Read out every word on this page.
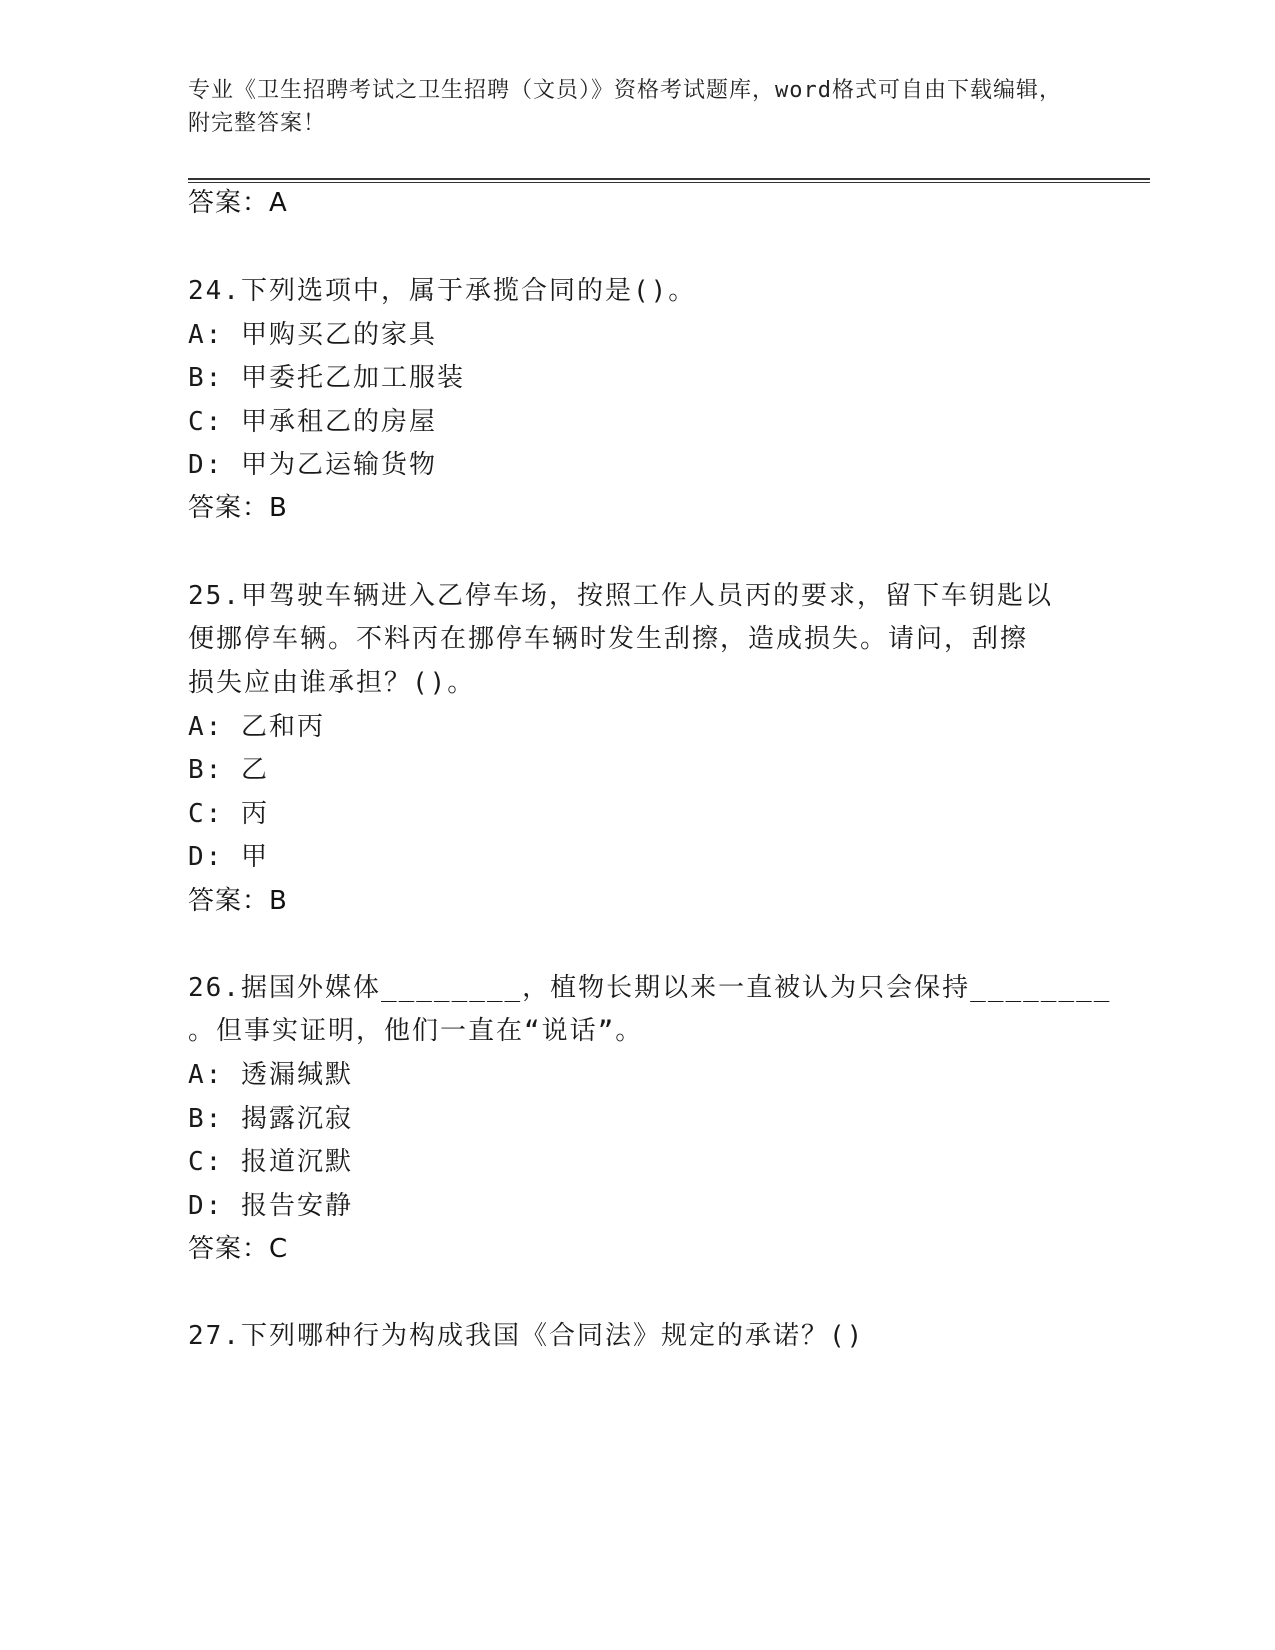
专业《卫生招聘考试之卫生招聘（文员）》资格考试题库，word格式可自由下载编辑，附完整答案！
答案：A
24.下列选项中，属于承揽合同的是()。
A: 甲购买乙的家具
B: 甲委托乙加工服装
C: 甲承租乙的房屋
D: 甲为乙运输货物
答案：B
25.甲驾驶车辆进入乙停车场，按照工作人员丙的要求，留下车钥匙以
便挪停车辆。不料丙在挪停车辆时发生刮擦，造成损失。请问，刮擦
损失应由谁承担？()。
A: 乙和丙
B: 乙
C: 丙
D: 甲
答案：B
26.据国外媒体________，植物长期以来一直被认为只会保持________
。但事实证明，他们一直在“说话”。
A: 透漏缄默
B: 揭露沉寂
C: 报道沉默
D: 报告安静
答案：C
27.下列哪种行为构成我国《合同法》规定的承诺？()
